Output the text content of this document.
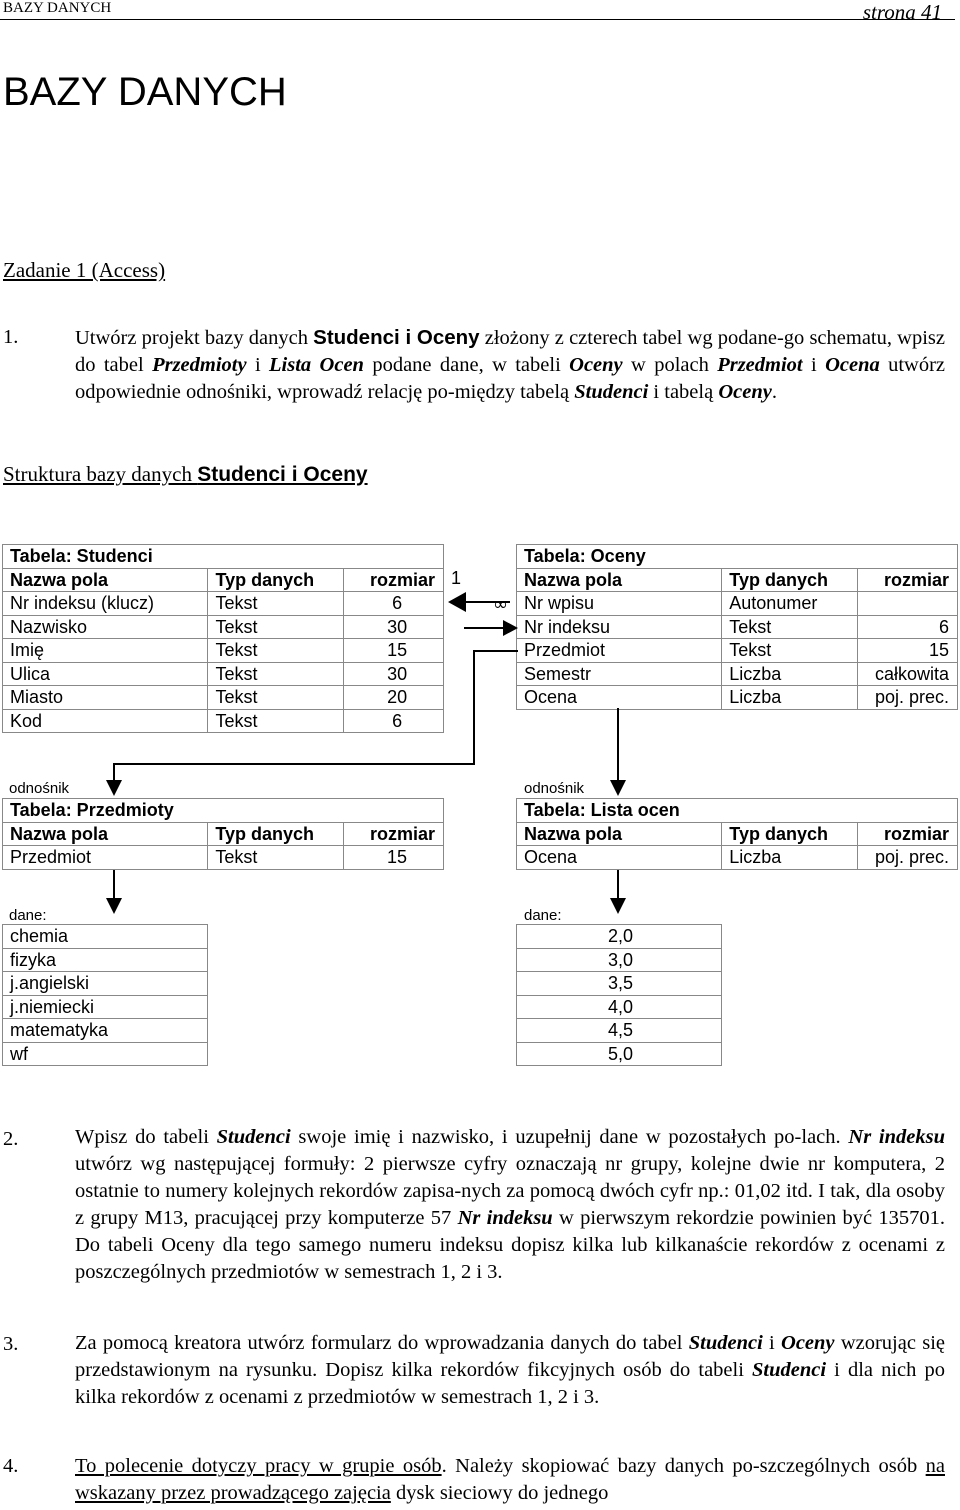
BAZY DANYCH	strona 41
BAZY DANYCH
Zadanie 1 (Access)
1.	Utwórz projekt bazy danych Studenci i Oceny złożony z czterech tabel wg podane-go schematu, wpisz do tabel Przedmioty i Lista Ocen podane dane, w tabeli Oceny w polach Przedmiot i Ocena utwórz odpowiednie odnośniki, wprowadź relację po-między tabelą Studenci i tabelą Oceny.
Struktura bazy danych Studenci i Oceny
Tabela: Studenci		
Nazwa pola	Typ danych	rozmiar
Nr indeksu (klucz)	Tekst	6
Nazwisko	Tekst	30
Imię	Tekst	15
Ulica	Tekst	30
Miasto	Tekst	20
Kod	Tekst	6
Tabela: Oceny		
Nazwa pola	Typ danych	rozmiar
Nr wpisu	Autonumer	
Nr indeksu	Tekst	6
Przedmiot	Tekst	15
Semestr	Liczba	całkowita
Ocena	Liczba	poj. prec.
1
∞
odnośnik	odnośnik
Tabela: Przedmioty		
Nazwa pola	Typ danych	rozmiar
Przedmiot	Tekst	15
Tabela: Lista ocen		
Nazwa pola	Typ danych	rozmiar
Ocena	Liczba	poj. prec.
dane:	dane:
chemia
fizyka
j.angielski
j.niemiecki
matematyka
wf
2,0
3,0
3,5
4,0
4,5
5,0
2.	Wpisz do tabeli Studenci swoje imię i nazwisko, i uzupełnij dane w pozostałych po-lach. Nr indeksu utwórz wg następującej formuły: 2 pierwsze cyfry oznaczają nr grupy, kolejne dwie nr komputera, 2 ostatnie to numery kolejnych rekordów zapisa-nych za pomocą dwóch cyfr np.: 01,02 itd. I tak, dla osoby z grupy M13, pracującej przy komputerze 57 Nr indeksu w pierwszym rekordzie powinien być 135701. Do tabeli Oceny dla tego samego numeru indeksu dopisz kilka lub kilkanaście rekordów z ocenami z poszczególnych przedmiotów w semestrach 1, 2 i 3.
3.	Za pomocą kreatora utwórz formularz do wprowadzania danych do tabel Studenci i Oceny wzorując się przedstawionym na rysunku. Dopisz kilka rekordów fikcyjnych osób do tabeli Studenci i dla nich po kilka rekordów z ocenami z przedmiotów w semestrach 1, 2 i 3.
4.	To polecenie dotyczy pracy w grupie osób. Należy skopiować bazy danych po-szczególnych osób na wskazany przez prowadzącego zajęcia dysk sieciowy do jednego
